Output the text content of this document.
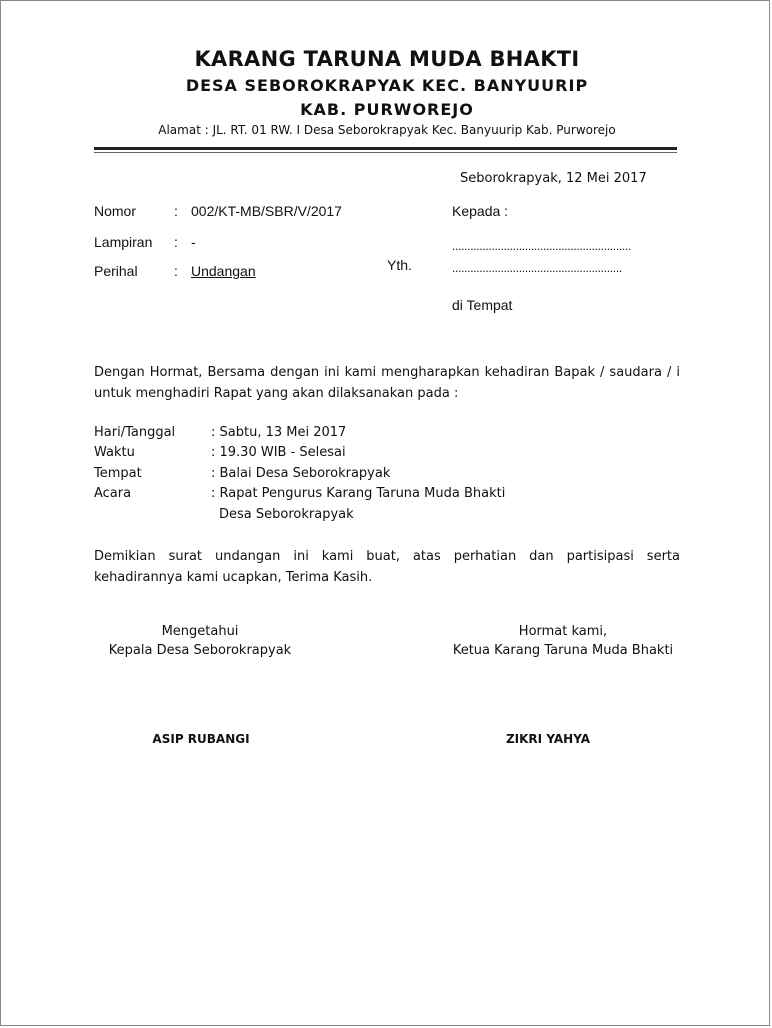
KARANG TARUNA MUDA BHAKTI
DESA SEBOROKRAPYAK KEC. BANYUURIP
KAB. PURWOREJO
Alamat : JL. RT. 01 RW. I Desa Seborokrapyak Kec. Banyuurip Kab. Purworejo
Seborokrapyak, 12 Mei 2017
Nomor	: 002/KT-MB/SBR/V/2017
Lampiran : -
Perihal	: Undangan	Yth.
Kepada :
...........................................................
........................................................
di Tempat
Dengan Hormat, Bersama dengan ini kami mengharapkan kehadiran Bapak / saudara / i untuk menghadiri Rapat yang akan dilaksanakan pada :
Hari/Tanggal	: Sabtu, 13 Mei 2017
Waktu	: 19.30 WIB - Selesai
Tempat	: Balai Desa Seborokrapyak
Acara	: Rapat Pengurus Karang Taruna Muda Bhakti
Desa Seborokrapyak
Demikian surat undangan ini kami buat, atas perhatian dan partisipasi serta kehadirannya kami ucapkan, Terima Kasih.
Mengetahui
Kepala Desa Seborokrapyak
Hormat kami,
Ketua Karang Taruna Muda Bhakti
ASIP RUBANGI	ZIKRI YAHYA
